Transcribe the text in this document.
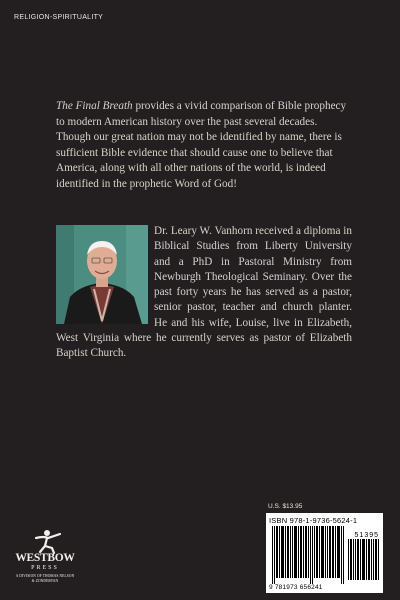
RELIGION-SPIRITUALITY

The Final Breath provides a vivid comparison of Bible prophecy to modern American history over the past several decades. Though our great nation may not be identified by name, there is sufficient Bible evidence that should cause one to believe that America, along with all other nations of the world, is indeed identified in the prophetic Word of God!

Dr. Leary W. Vanhorn received a diploma in Biblical Studies from Liberty University and a PhD in Pastoral Ministry from Newburgh Theological Seminary. Over the past forty years he has served as a pastor, senior pastor, teacher and church planter. He and his wife, Louise, live in Elizabeth, West Virginia where he currently serves as pastor of Elizabeth Baptist Church.

U.S. $13.95
ISBN 978-1-9736-5624-1
51395
9 781973 656241
WESTBOW
PRESS
A DIVISION OF THOMAS NELSON
& ZONDERVAN
